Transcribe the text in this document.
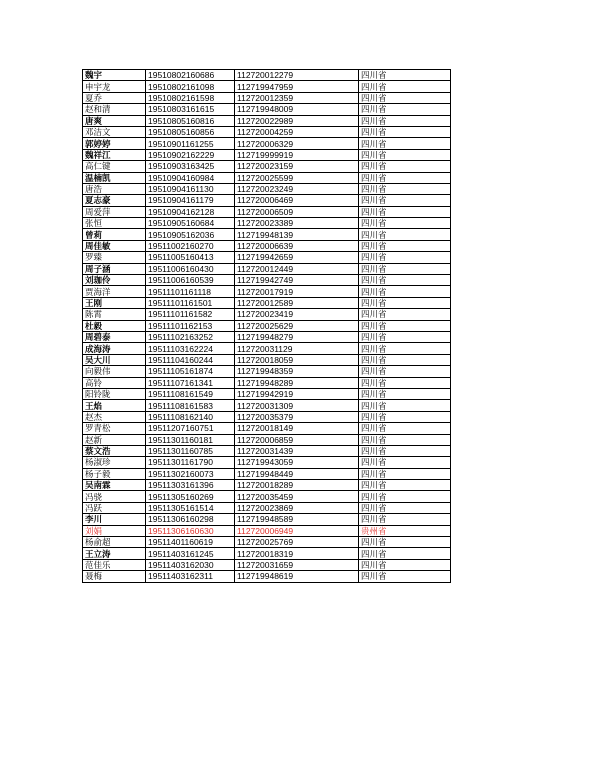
魏宇	19510802160686	112720012279	四川省
申宇龙	19510802161098	112719947959	四川省
夏乔	19510802161598	112720012359	四川省
赵和清	19510803161615	112719948009	四川省
唐爽	19510805160816	112720022989	四川省
邓洁文	19510805160856	112720004259	四川省
郭婷婷	19510901161255	112720006329	四川省
魏祥江	19510902162229	112719999919	四川省
高仁键	19510903163425	112720023159	四川省
温楠凯	19510904160984	112720025599	四川省
唐浩	19510904161130	112720023249	四川省
夏志豪	19510904161179	112720006469	四川省
周爱萍	19510904162128	112720006509	四川省
张恒	19510905160684	112720023389	四川省
曾莉	19510905162036	112719948139	四川省
周佳敏	19511002160270	112720006639	四川省
罗臻	19511005160413	112719942659	四川省
周子涵	19511006160430	112720012449	四川省
刘珈伶	19511006160539	112719942749	四川省
贾海洋	19511101161118	112720017919	四川省
王刚	19511101161501	112720012589	四川省
陈霄	19511101161582	112720023419	四川省
杜毅	19511101162153	112720025629	四川省
周碧泰	19511102163252	112719948279	四川省
成海涛	19511103162224	112720031129	四川省
吴大川	19511104160244	112720018059	四川省
向毅伟	19511105161874	112719948359	四川省
高铃	19511107161341	112719948289	四川省
阳铃陇	19511108161549	112719942919	四川省
王焰	19511108161583	112720031309	四川省
赵杰	19511108162140	112720035379	四川省
罗青松	19511207160751	112720018149	四川省
赵新	19511301160181	112720006859	四川省
蔡文浩	19511301160785	112720031439	四川省
杨淑珍	19511301161790	112719943059	四川省
杨子毅	19511302160073	112719948449	四川省
吴南霖	19511303161396	112720018289	四川省
冯骁	19511305160269	112720035459	四川省
冯跃	19511305161514	112720023869	四川省
李川	19511306160298	112719948589	四川省
刘娟	19511306160630	112720006949	贵州省
杨俞超	19511401160619	112720025769	四川省
王立涛	19511403161245	112720018319	四川省
范佳乐	19511403162030	112720031659	四川省
聂梅	19511403162311	112719948619	四川省
